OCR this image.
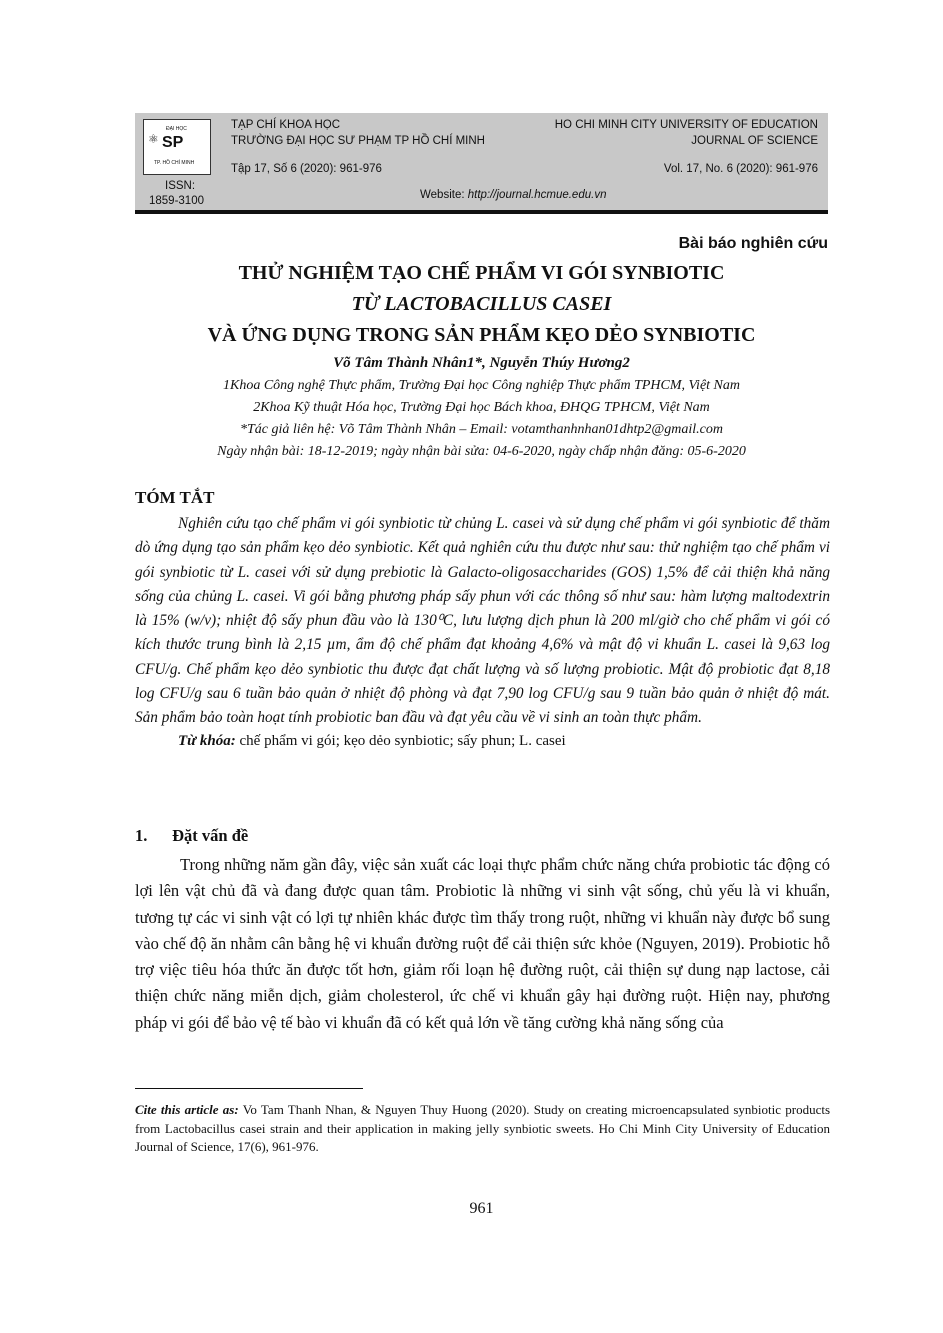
⚛
ĐẠI HỌC
SP
TP. HỒ CHÍ MINH
TẠP CHÍ KHOA HỌC
TRƯỜNG ĐẠI HỌC SƯ PHẠM TP HỒ CHÍ MINH
HO CHI MINH CITY UNIVERSITY OF EDUCATION
JOURNAL OF SCIENCE
Tập 17, Số 6 (2020): 961-976	Vol. 17, No. 6 (2020): 961-976
ISSN:
1859-3100	Website: http://journal.hcmue.edu.vn
Bài báo nghiên cứu
THỬ NGHIỆM TẠO CHẾ PHẨM VI GÓI SYNBIOTIC
TỪ LACTOBACILLUS CASEI
VÀ ỨNG DỤNG TRONG SẢN PHẨM KẸO DẺO SYNBIOTIC
Võ Tâm Thành Nhân1*, Nguyễn Thúy Hương2
1Khoa Công nghệ Thực phẩm, Trường Đại học Công nghiệp Thực phẩm TPHCM, Việt Nam
2Khoa Kỹ thuật Hóa học, Trường Đại học Bách khoa, ĐHQG TPHCM, Việt Nam
*Tác giả liên hệ: Võ Tâm Thành Nhân – Email: votamthanhnhan01dhtp2@gmail.com
Ngày nhận bài: 18-12-2019; ngày nhận bài sửa: 04-6-2020, ngày chấp nhận đăng: 05-6-2020
TÓM TẮT

Nghiên cứu tạo chế phẩm vi gói synbiotic từ chủng L. casei và sử dụng chế phẩm vi gói synbiotic để thăm dò ứng dụng tạo sản phẩm kẹo dẻo synbiotic. Kết quả nghiên cứu thu được như sau: thử nghiệm tạo chế phẩm vi gói synbiotic từ L. casei với sử dụng prebiotic là Galacto-oligosaccharides (GOS) 1,5% để cải thiện khả năng sống của chủng L. casei. Vi gói bằng phương pháp sấy phun với các thông số như sau: hàm lượng maltodextrin là 15% (w/v); nhiệt độ sấy phun đầu vào là 130⁰C, lưu lượng dịch phun là 200 ml/giờ cho chế phẩm vi gói có kích thước trung bình là 2,15 µm, ẩm độ chế phẩm đạt khoảng 4,6% và mật độ vi khuẩn L. casei là 9,63 log CFU/g. Chế phẩm kẹo dẻo synbiotic thu được đạt chất lượng và số lượng probiotic. Mật độ probiotic đạt 8,18 log CFU/g sau 6 tuần bảo quản ở nhiệt độ phòng và đạt 7,90 log CFU/g sau 9 tuần bảo quản ở nhiệt độ mát. Sản phẩm bảo toàn hoạt tính probiotic ban đầu và đạt yêu cầu về vi sinh an toàn thực phẩm.

Từ khóa: chế phẩm vi gói; kẹo dẻo synbiotic; sấy phun; L. casei
1.      Đặt vấn đề

Trong những năm gần đây, việc sản xuất các loại thực phẩm chức năng chứa probiotic tác động có lợi lên vật chủ đã và đang được quan tâm. Probiotic là những vi sinh vật sống, chủ yếu là vi khuẩn, tương tự các vi sinh vật có lợi tự nhiên khác được tìm thấy trong ruột, những vi khuẩn này được bổ sung vào chế độ ăn nhằm cân bằng hệ vi khuẩn đường ruột để cải thiện sức khỏe (Nguyen, 2019). Probiotic hỗ trợ việc tiêu hóa thức ăn được tốt hơn, giảm rối loạn hệ đường ruột, cải thiện sự dung nạp lactose, cải thiện chức năng miễn dịch, giảm cholesterol, ức chế vi khuẩn gây hại đường ruột. Hiện nay, phương pháp vi gói để bảo vệ tế bào vi khuẩn đã có kết quả lớn về tăng cường khả năng sống của

Cite this article as: Vo Tam Thanh Nhan, & Nguyen Thuy Huong (2020). Study on creating microencapsulated synbiotic products from Lactobacillus casei strain and their application in making jelly synbiotic sweets. Ho Chi Minh City University of Education Journal of Science, 17(6), 961-976.
961
